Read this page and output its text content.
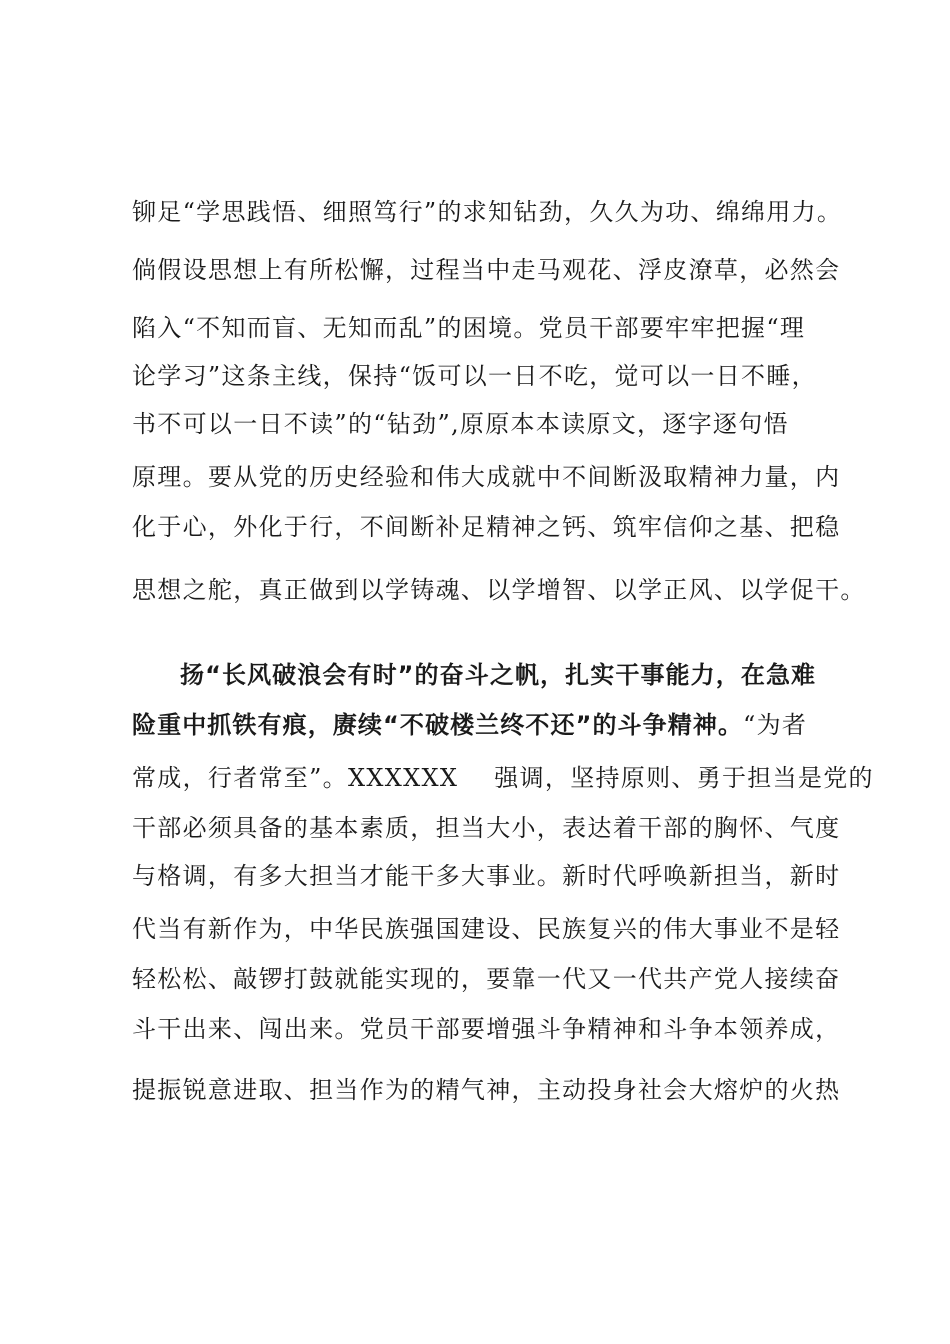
铆足“学思践悟、细照笃行”的求知钻劲，久久为功、绵绵用力。
倘假设思想上有所松懈，过程当中走马观花、浮皮潦草，必然会
陷入“不知而盲、无知而乱”的困境。党员干部要牢牢把握“理
论学习”这条主线，保持“饭可以一日不吃，觉可以一日不睡，
书不可以一日不读”的“钻劲”,原原本本读原文，逐字逐句悟
原理。要从党的历史经验和伟大成就中不间断汲取精神力量，内
化于心，外化于行，不间断补足精神之钙、筑牢信仰之基、把稳
思想之舵，真正做到以学铸魂、以学增智、以学正风、以学促干。
扬“长风破浪会有时”的奋斗之帆，扎实干事能力，在急难
险重中抓铁有痕，赓续“不破楼兰终不还”的斗争精神。“为者
常成，行者常至”。XXXXXX 强调，坚持原则、勇于担当是党的
干部必须具备的基本素质，担当大小，表达着干部的胸怀、气度
与格调，有多大担当才能干多大事业。新时代呼唤新担当，新时
代当有新作为，中华民族强国建设、民族复兴的伟大事业不是轻
轻松松、敲锣打鼓就能实现的，要靠一代又一代共产党人接续奋
斗干出来、闯出来。党员干部要增强斗争精神和斗争本领养成，
提振锐意进取、担当作为的精气神，主动投身社会大熔炉的火热
